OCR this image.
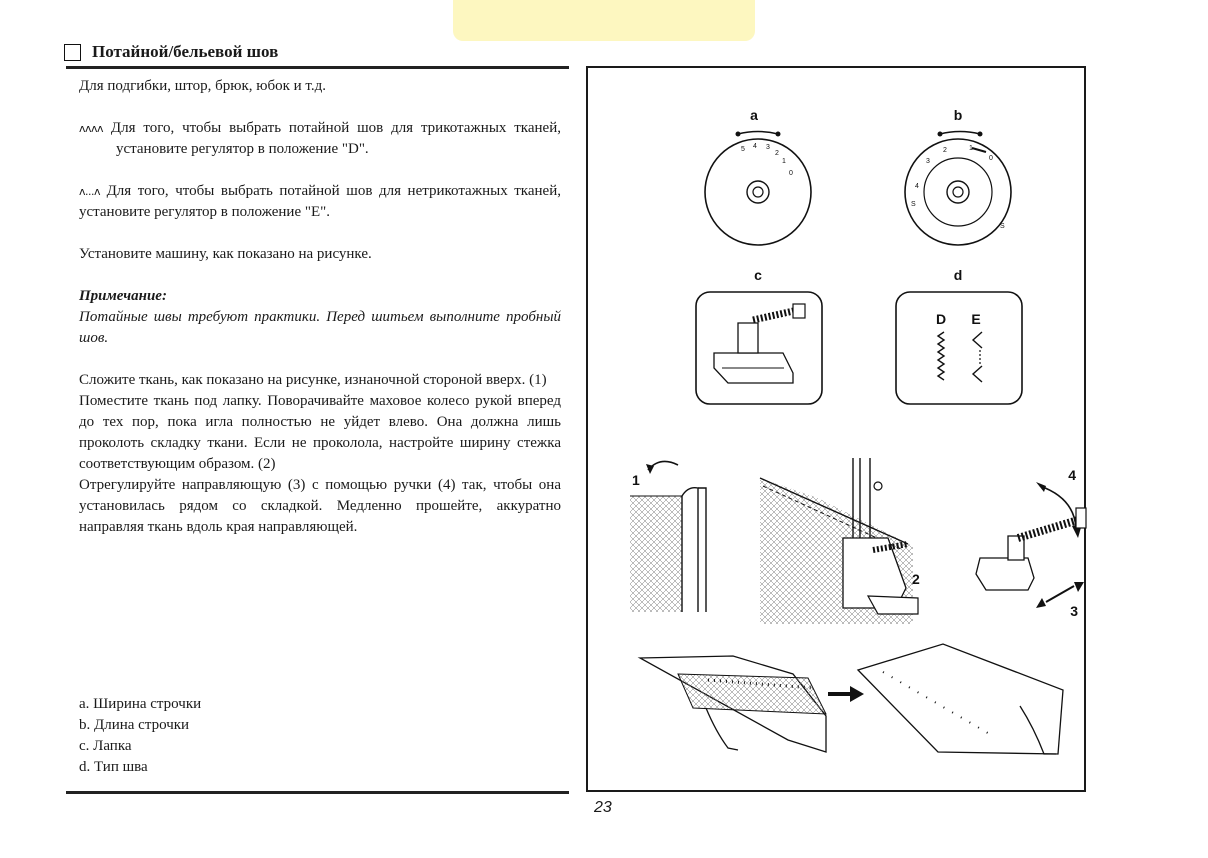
Потайной/бельевой шов

Для подгибки, штор, брюк, юбок и т.д.

ʌʌʌʌ Для того, чтобы выбрать потайной шов для трикотажных тканей, установите регулятор в положение "D".

ʌ...ʌ Для того, чтобы выбрать потайной шов для нетрикотажных тканей, установите регулятор в положение "E".

Установите машину, как показано на рисунке.

Примечание:

Потайные швы требуют практики. Перед шитьем выполните пробный шов.

Сложите ткань, как показано на рисунке, изнаночной стороной вверх. (1)

Поместите ткань под лапку. Поворачивайте маховое колесо рукой вперед до тех пор, пока игла полностью не уйдет влево. Она должна лишь проколоть складку ткани. Если не проколола, настройте ширину стежка соответствующим образом. (2)

Отрегулируйте направляющую (3) с помощью ручки (4) так, чтобы она установилась рядом со складкой. Медленно прошейте, аккуратно направляя ткань вдоль края направляющей.

a. Ширина строчки
b. Длина строчки
c. Лапка
d. Тип шва
a
5 4 3
2
1
0
b
4
3
2	1
0
S
S
c	d
D E
1
2
4
3
23
